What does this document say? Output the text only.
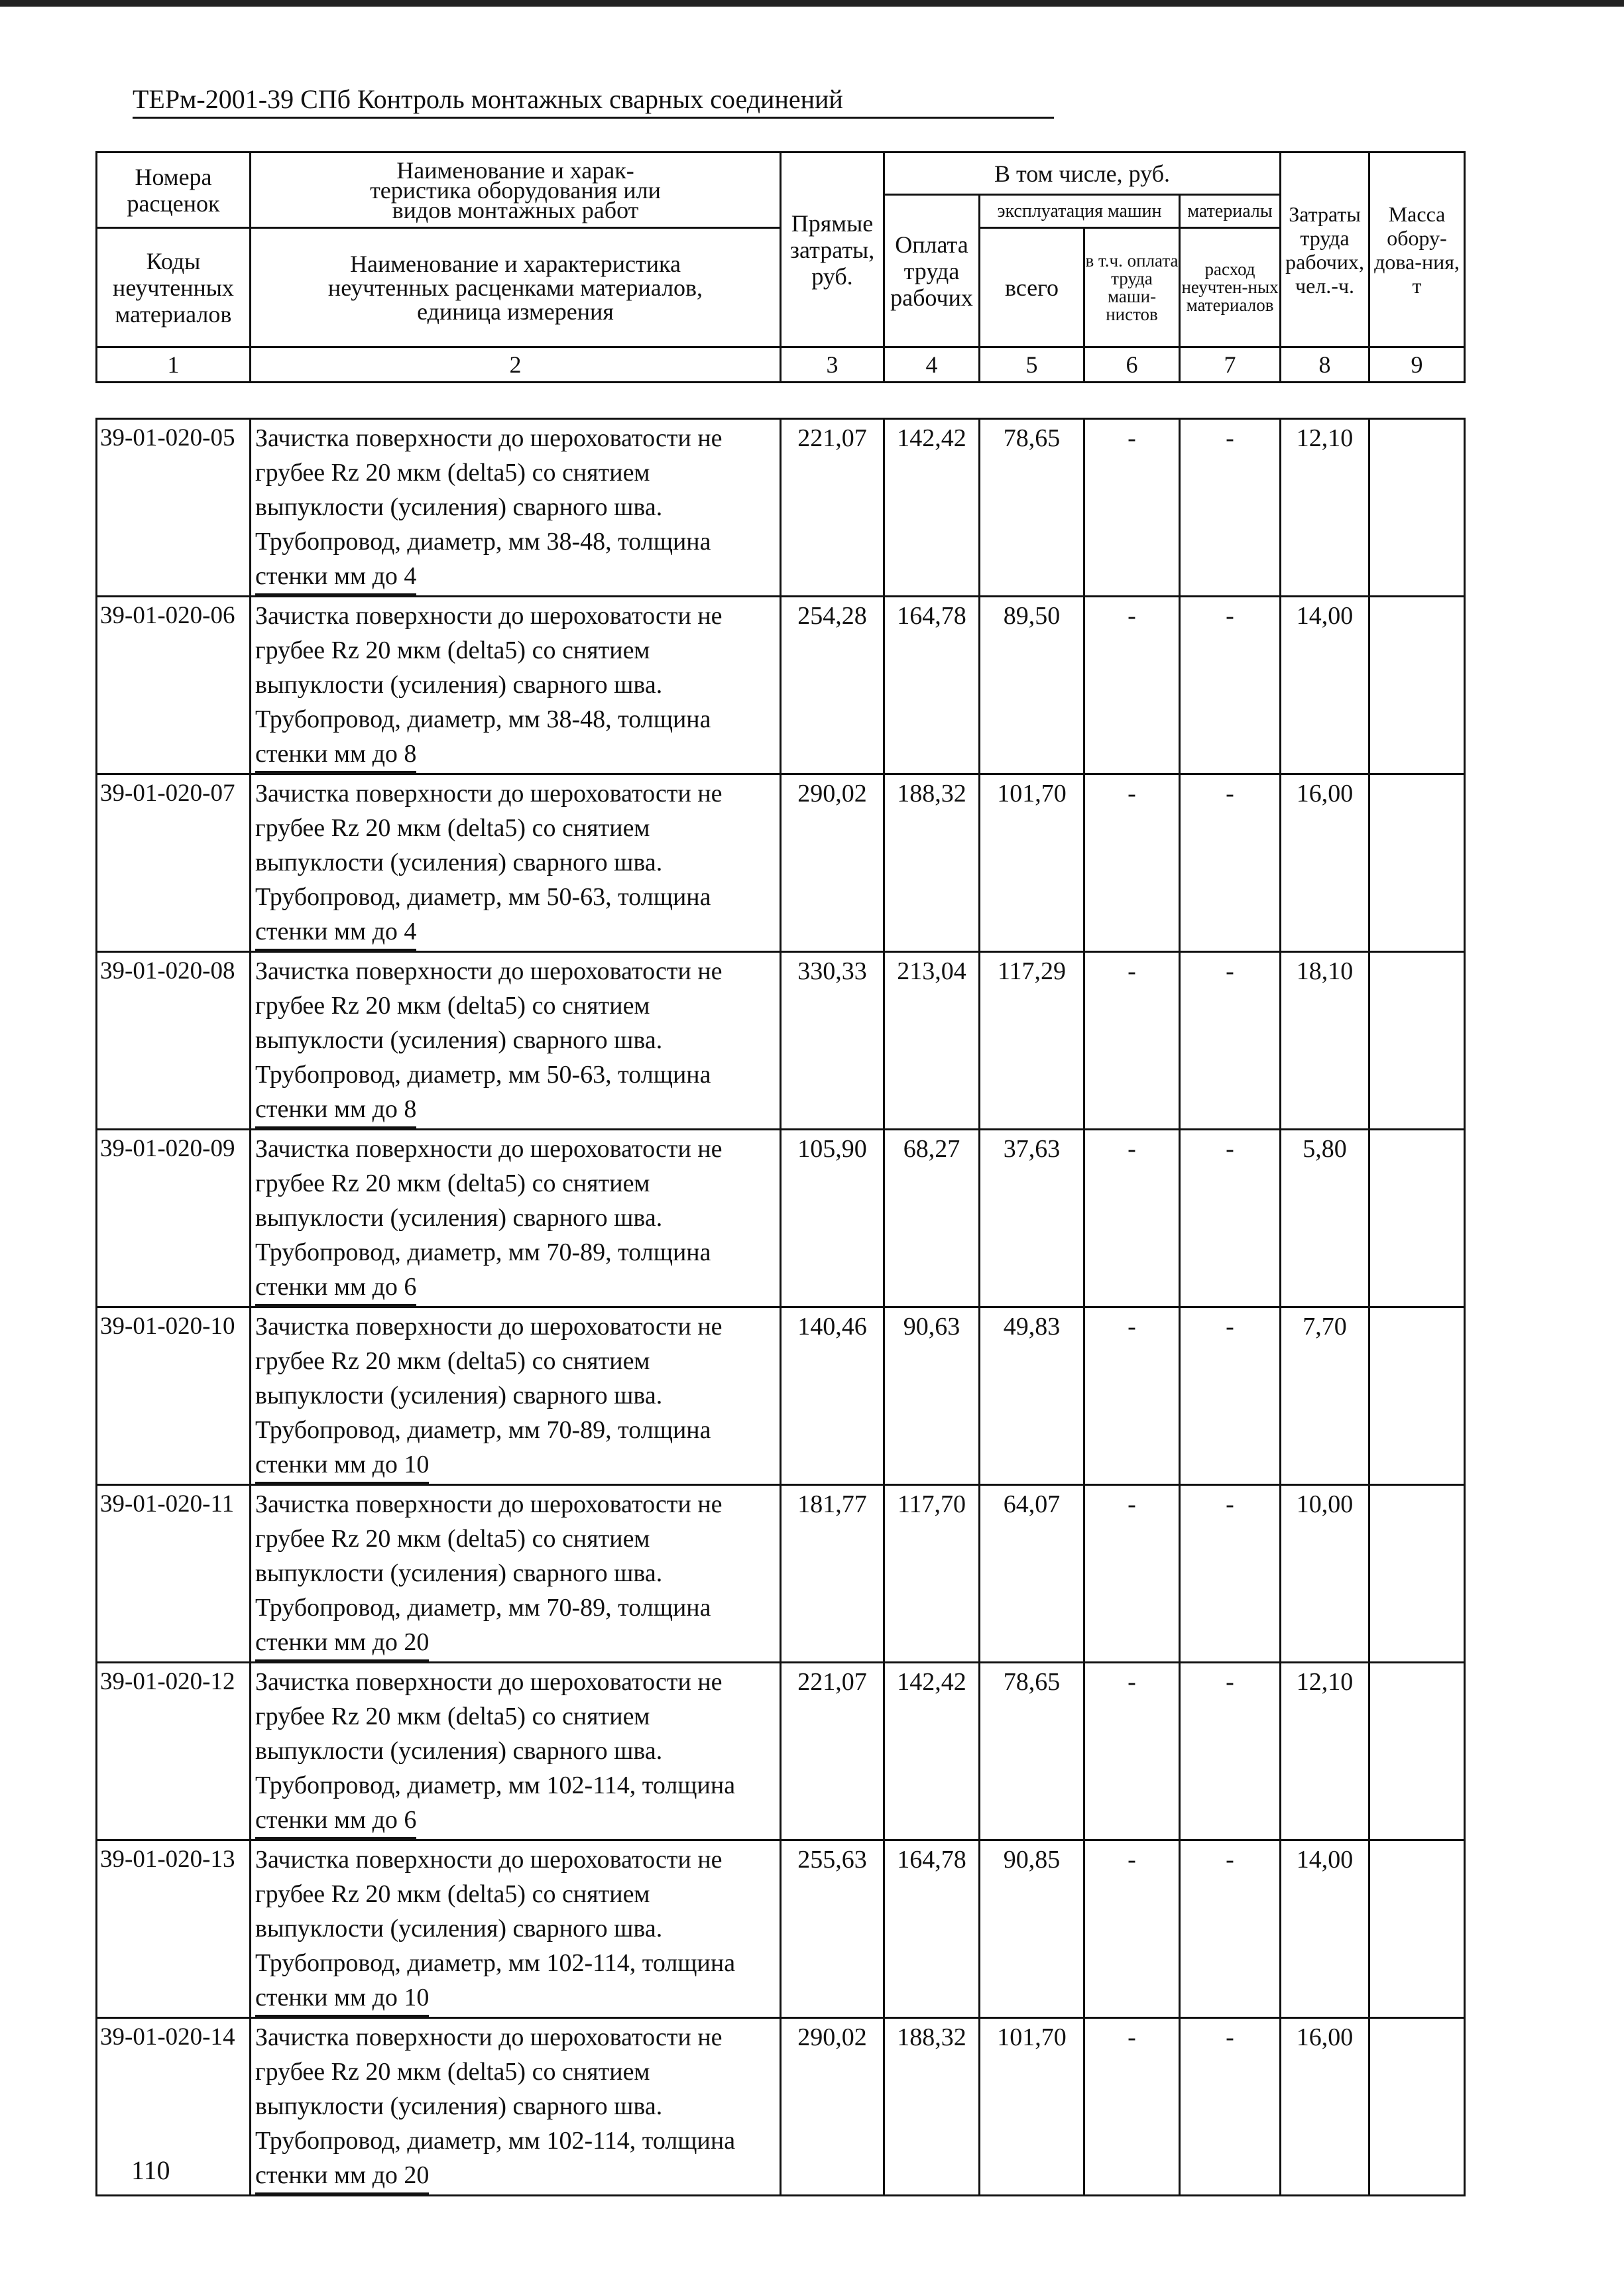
ТЕРм-2001-39 СПб Контроль монтажных сварных соединений
Номера расценок	Наименование и харак-
теристика оборудования или
видов монтажных работ	Прямые затраты, руб.	В том числе, руб.				Затраты труда рабочих, чел.-ч.	Масса обору-дова-ния, т
			Оплата труда рабочих	эксплуатация машин		материалы		
Коды неучтенных материалов	Наименование и характеристика
неучтенных расценками материалов,
единица измерения			всего	в т.ч. оплата труда маши-нистов	расход неучтен-ных материалов		

1	2	3	4	5	6	7	8	9
39-01-020-05	Зачистка поверхности до шероховатости не
грубее Rz 20 мкм (delta5) со снятием
выпуклости (усиления) сварного шва.
Трубопровод, диаметр, мм 38-48, толщина
стенки мм до 4	221,07	142,42	78,65	-	-	12,10	
39-01-020-06	Зачистка поверхности до шероховатости не
грубее Rz 20 мкм (delta5) со снятием
выпуклости (усиления) сварного шва.
Трубопровод, диаметр, мм 38-48, толщина
стенки мм до 8	254,28	164,78	89,50	-	-	14,00	
39-01-020-07	Зачистка поверхности до шероховатости не
грубее Rz 20 мкм (delta5) со снятием
выпуклости (усиления) сварного шва.
Трубопровод, диаметр, мм 50-63, толщина
стенки мм до 4	290,02	188,32	101,70	-	-	16,00	
39-01-020-08	Зачистка поверхности до шероховатости не
грубее Rz 20 мкм (delta5) со снятием
выпуклости (усиления) сварного шва.
Трубопровод, диаметр, мм 50-63, толщина
стенки мм до 8	330,33	213,04	117,29	-	-	18,10	
39-01-020-09	Зачистка поверхности до шероховатости не
грубее Rz 20 мкм (delta5) со снятием
выпуклости (усиления) сварного шва.
Трубопровод, диаметр, мм 70-89, толщина
стенки мм до 6	105,90	68,27	37,63	-	-	5,80	
39-01-020-10	Зачистка поверхности до шероховатости не
грубее Rz 20 мкм (delta5) со снятием
выпуклости (усиления) сварного шва.
Трубопровод, диаметр, мм 70-89, толщина
стенки мм до 10	140,46	90,63	49,83	-	-	7,70	
39-01-020-11	Зачистка поверхности до шероховатости не
грубее Rz 20 мкм (delta5) со снятием
выпуклости (усиления) сварного шва.
Трубопровод, диаметр, мм 70-89, толщина
стенки мм до 20	181,77	117,70	64,07	-	-	10,00	
39-01-020-12	Зачистка поверхности до шероховатости не
грубее Rz 20 мкм (delta5) со снятием
выпуклости (усиления) сварного шва.
Трубопровод, диаметр, мм 102-114, толщина
стенки мм до 6	221,07	142,42	78,65	-	-	12,10	
39-01-020-13	Зачистка поверхности до шероховатости не
грубее Rz 20 мкм (delta5) со снятием
выпуклости (усиления) сварного шва.
Трубопровод, диаметр, мм 102-114, толщина
стенки мм до 10	255,63	164,78	90,85	-	-	14,00	
39-01-020-14	Зачистка поверхности до шероховатости не
грубее Rz 20 мкм (delta5) со снятием
выпуклости (усиления) сварного шва.
Трубопровод, диаметр, мм 102-114, толщина
стенки мм до 20	290,02	188,32	101,70	-	-	16,00	
110
